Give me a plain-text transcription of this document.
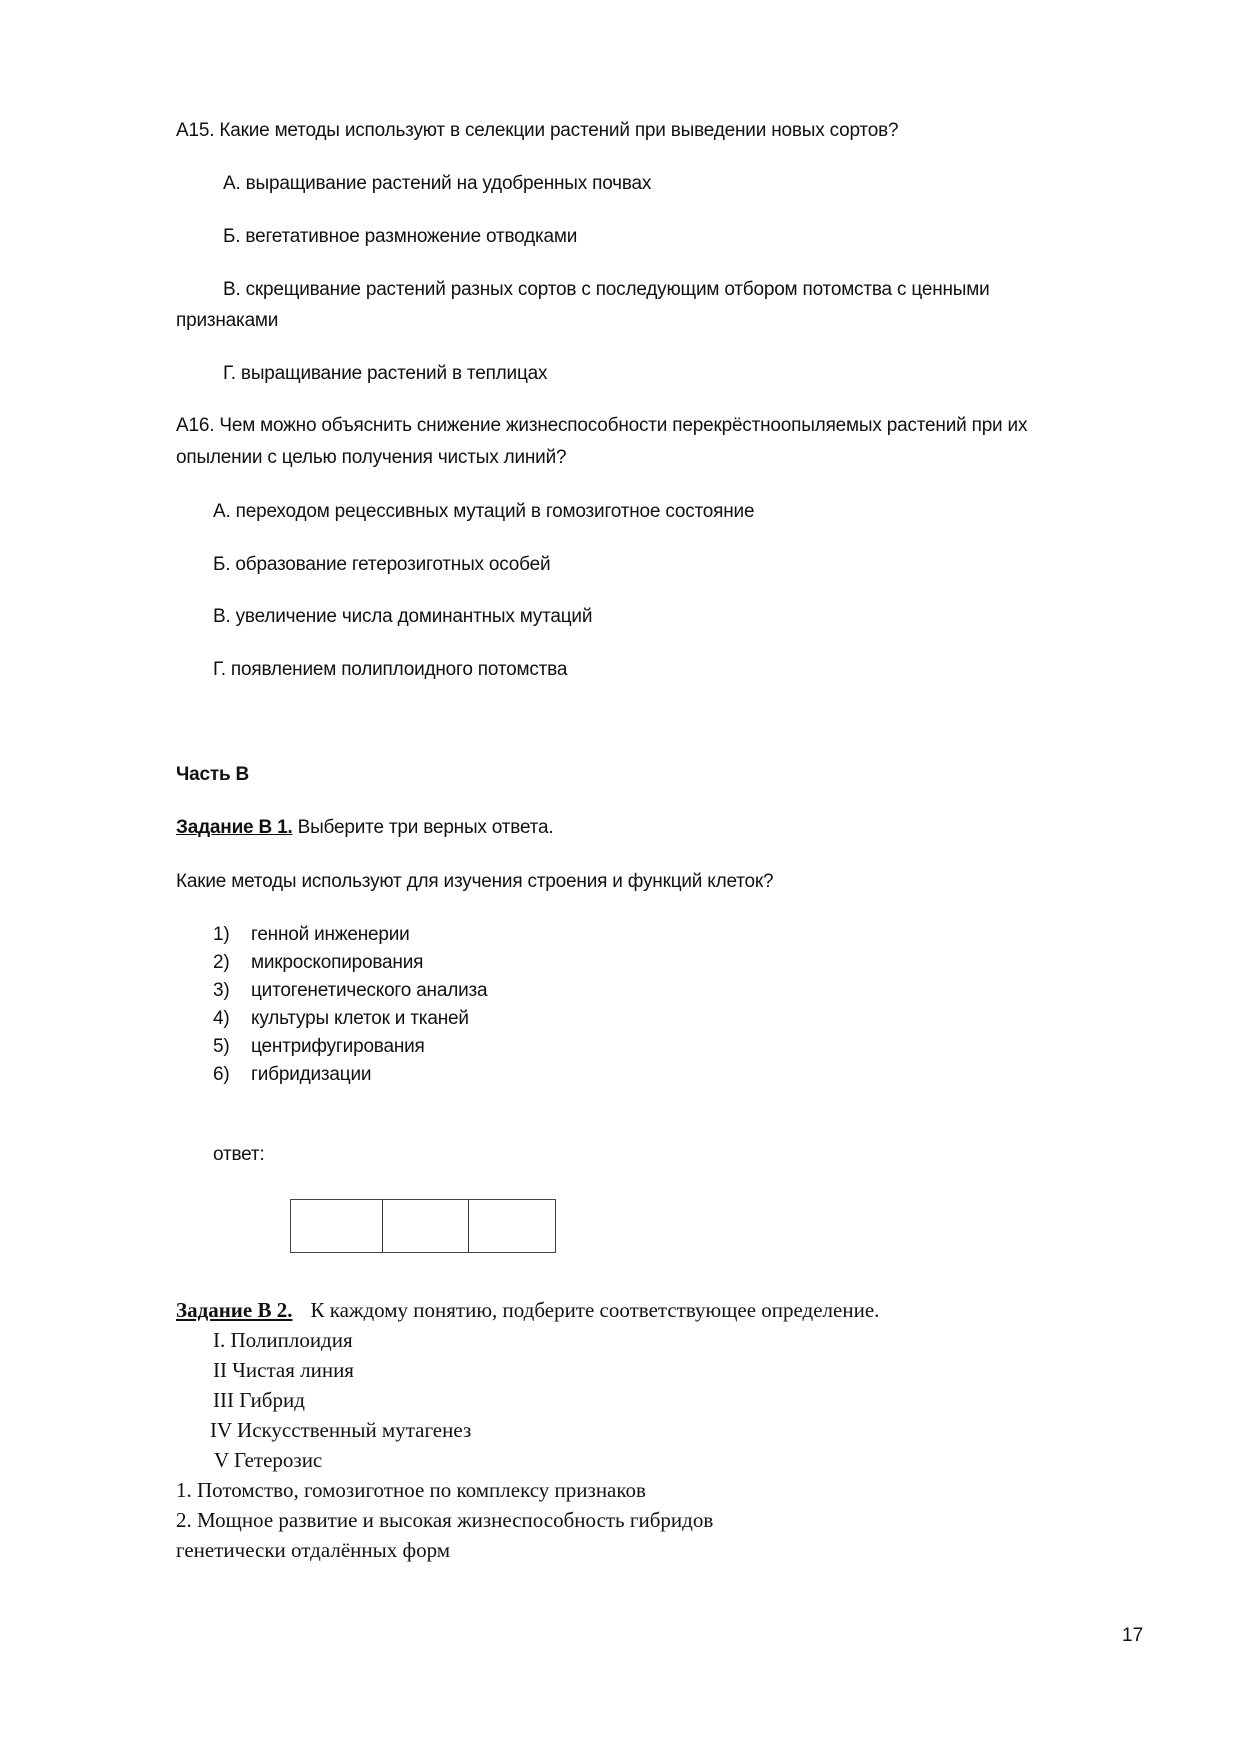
А15. Какие методы используют в селекции растений при выведении новых сортов?
А. выращивание растений на удобренных почвах
Б. вегетативное размножение отводками
В. скрещивание растений разных сортов с последующим отбором потомства с ценными
признаками
Г. выращивание растений в теплицах
А16. Чем можно объяснить снижение жизнеспособности перекрёстноопыляемых растений при их
опылении с целью получения чистых линий?
А. переходом рецессивных мутаций в гомозиготное состояние
Б. образование гетерозиготных особей
В. увеличение числа доминантных мутаций
Г. появлением полиплоидного потомства
Часть В
Задание В 1. Выберите три верных ответа.
Какие методы используют для изучения строения и функций клеток?
1) генной инженерии
2) микроскопирования
3) цитогенетического анализа
4) культуры клеток и тканей
5) центрифугирования
6) гибридизации
ответ:
Задание В 2. К каждому понятию, подберите соответствующее определение.
I. Полиплоидия
II Чистая линия
III Гибрид
IV Искусственный мутагенез
V Гетерозис
1. Потомство, гомозиготное по комплексу признаков
2. Мощное развитие и высокая жизнеспособность гибридов
генетически отдалённых форм
17
